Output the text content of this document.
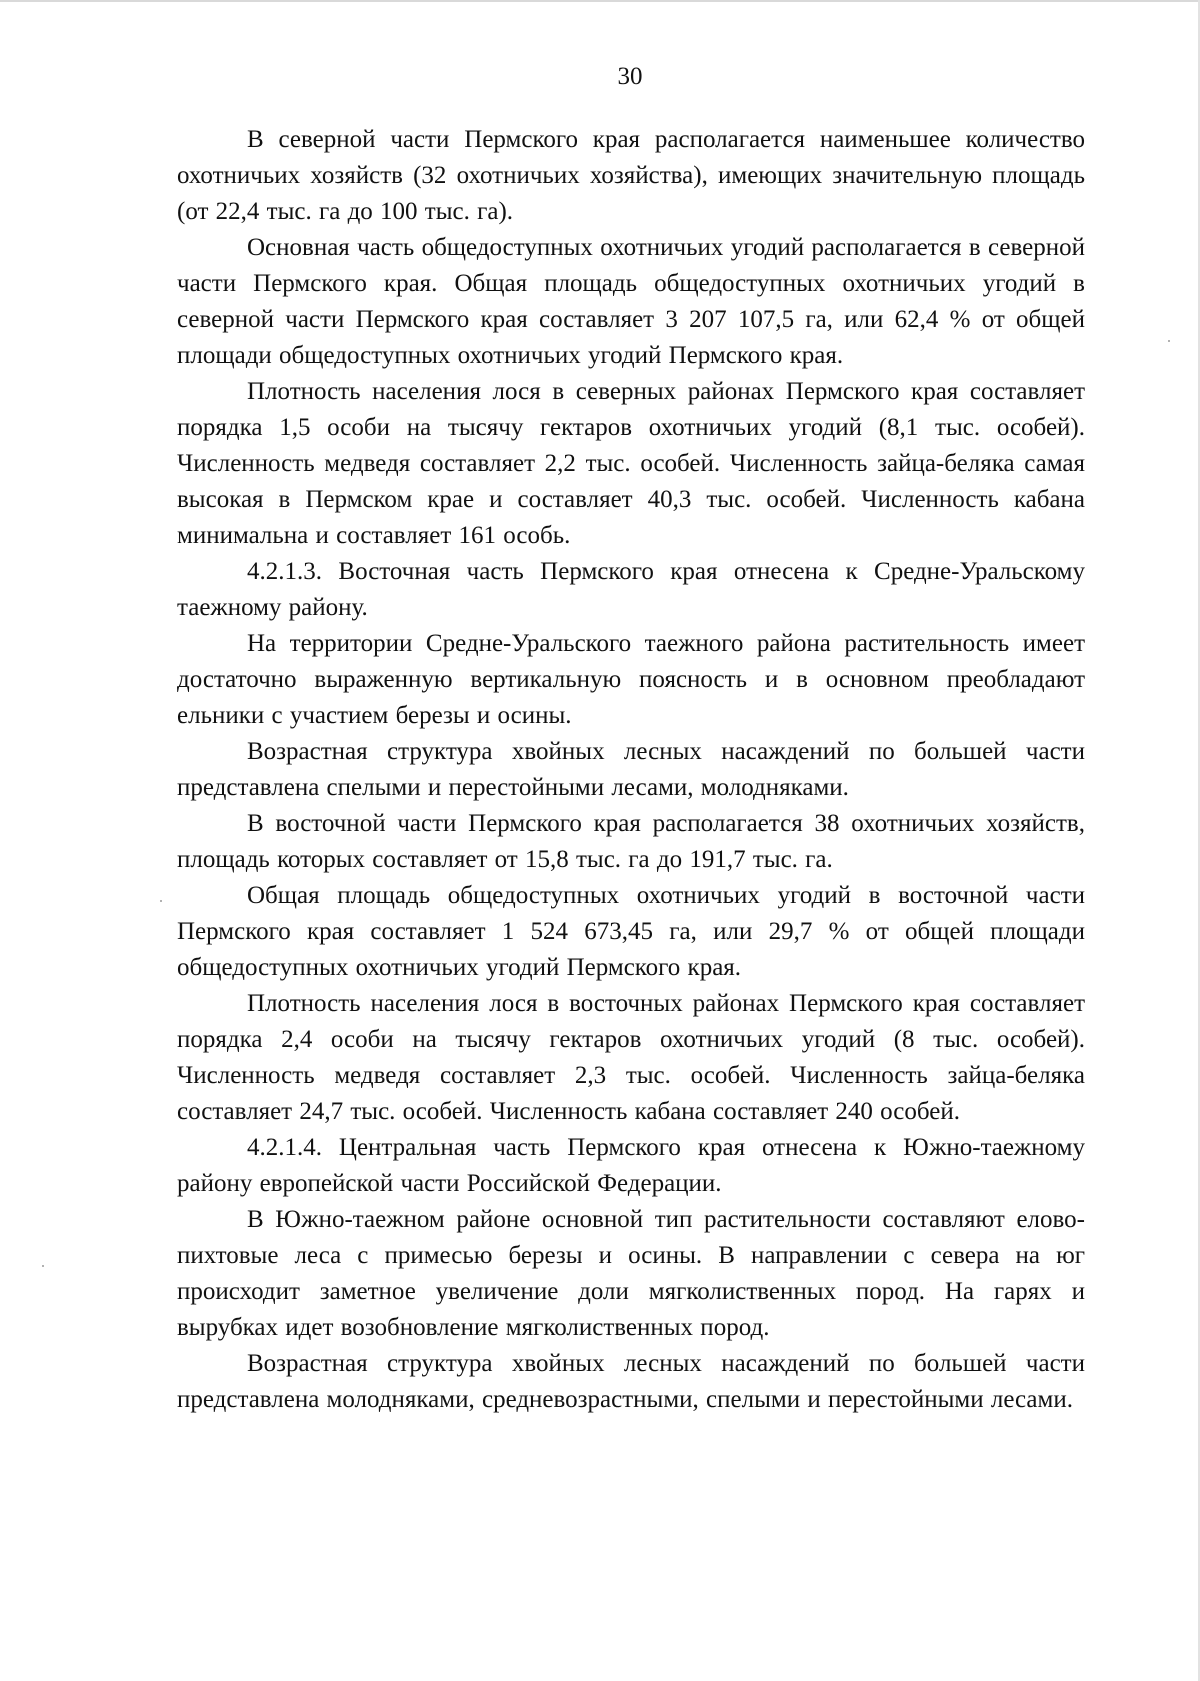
30

В северной части Пермского края располагается наименьшее количество охотничьих хозяйств (32 охотничьих хозяйства), имеющих значительную площадь (от 22,4 тыс. га до 100 тыс. га).

Основная часть общедоступных охотничьих угодий располагается в северной части Пермского края. Общая площадь общедоступных охотничьих угодий в северной части Пермского края составляет 3 207 107,5 га, или 62,4 % от общей площади общедоступных охотничьих угодий Пермского края.

Плотность населения лося в северных районах Пермского края составляет порядка 1,5 особи на тысячу гектаров охотничьих угодий (8,1 тыс. особей). Численность медведя составляет 2,2 тыс. особей. Численность зайца-беляка самая высокая в Пермском крае и составляет 40,3 тыс. особей. Численность кабана минимальна и составляет 161 особь.

4.2.1.3. Восточная часть Пермского края отнесена к Средне-Уральскому таежному району.

На территории Средне-Уральского таежного района растительность имеет достаточно выраженную вертикальную поясность и в основном преобладают ельники с участием березы и осины.

Возрастная структура хвойных лесных насаждений по большей части представлена спелыми и перестойными лесами, молодняками.

В восточной части Пермского края располагается 38 охотничьих хозяйств, площадь которых составляет от 15,8 тыс. га до 191,7 тыс. га.

Общая площадь общедоступных охотничьих угодий в восточной части Пермского края составляет 1 524 673,45 га, или 29,7 % от общей площади общедоступных охотничьих угодий Пермского края.

Плотность населения лося в восточных районах Пермского края составляет порядка 2,4 особи на тысячу гектаров охотничьих угодий (8 тыс. особей). Численность медведя составляет 2,3 тыс. особей. Численность зайца-беляка составляет 24,7 тыс. особей. Численность кабана составляет 240 особей.

4.2.1.4. Центральная часть Пермского края отнесена к Южно-таежному району европейской части Российской Федерации.

В Южно-таежном районе основной тип растительности составляют елово-пихтовые леса с примесью березы и осины. В направлении с севера на юг происходит заметное увеличение доли мягколиственных пород. На гарях и вырубках идет возобновление мягколиственных пород.

Возрастная структура хвойных лесных насаждений по большей части представлена молодняками, средневозрастными, спелыми и перестойными лесами.
